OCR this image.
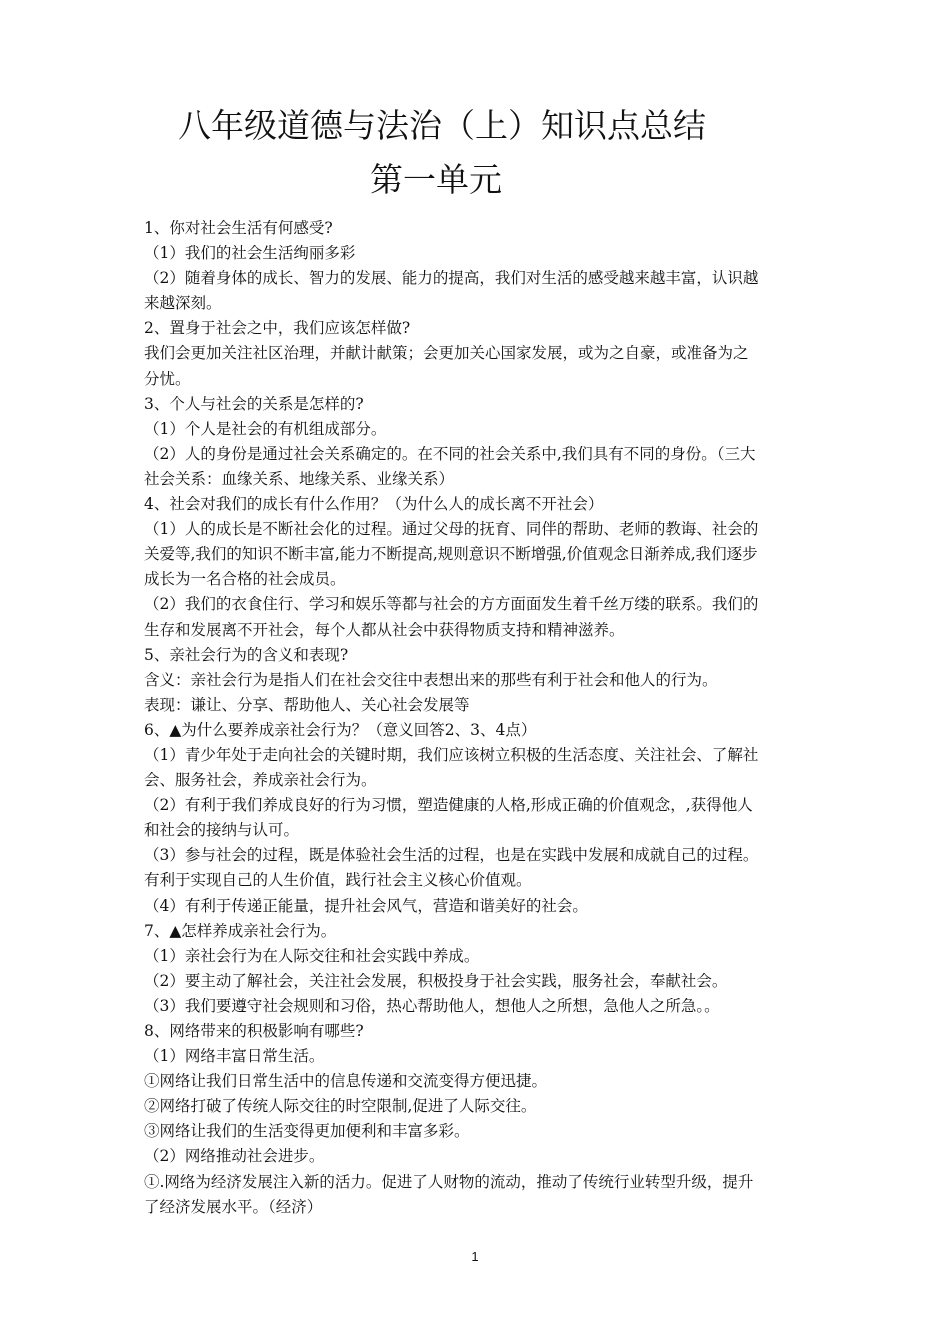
八年级道德与法治（上）知识点总结
第一单元
1、你对社会生活有何感受?
（1）我们的社会生活绚丽多彩
（2）随着身体的成长、智力的发展、能力的提高，我们对生活的感受越来越丰富，认识越
来越深刻。
2、置身于社会之中，我们应该怎样做?
我们会更加关注社区治理，并献计献策；会更加关心国家发展，或为之自豪，或准备为之
分忧。
3、个人与社会的关系是怎样的?
（1）个人是社会的有机组成部分。
（2）人的身份是通过社会关系确定的。在不同的社会关系中,我们具有不同的身份。（三大
社会关系：血缘关系、地缘关系、业缘关系）
4、社会对我们的成长有什么作用？（为什么人的成长离不开社会）
（1）人的成长是不断社会化的过程。通过父母的抚育、同伴的帮助、老师的教诲、社会的
关爱等,我们的知识不断丰富,能力不断提高,规则意识不断增强,价值观念日渐养成,我们逐步
成长为一名合格的社会成员。
（2）我们的衣食住行、学习和娱乐等都与社会的方方面面发生着千丝万缕的联系。我们的
生存和发展离不开社会，每个人都从社会中获得物质支持和精神滋养。
5、亲社会行为的含义和表现?
含义：亲社会行为是指人们在社会交往中表想出来的那些有利于社会和他人的行为。
表现：谦让、分享、帮助他人、关心社会发展等
6、▲为什么要养成亲社会行为？（意义回答2、3、4点）
（1）青少年处于走向社会的关键时期，我们应该树立积极的生活态度、关注社会、了解社
会、服务社会，养成亲社会行为。
（2）有利于我们养成良好的行为习惯，塑造健康的人格,形成正确的价值观念，,获得他人
和社会的接纳与认可。
（3）参与社会的过程，既是体验社会生活的过程，也是在实践中发展和成就自己的过程。
有利于实现自己的人生价值，践行社会主义核心价值观。
（4）有利于传递正能量，提升社会风气，营造和谐美好的社会。
7、▲怎样养成亲社会行为。
（1）亲社会行为在人际交往和社会实践中养成。
（2）要主动了解社会，关注社会发展，积极投身于社会实践，服务社会，奉献社会。
（3）我们要遵守社会规则和习俗，热心帮助他人，想他人之所想，急他人之所急。。
8、网络带来的积极影响有哪些?
（1）网络丰富日常生活。
①网络让我们日常生活中的信息传递和交流变得方便迅捷。
②网络打破了传统人际交往的时空限制,促进了人际交往。
③网络让我们的生活变得更加便利和丰富多彩。
（2）网络推动社会进步。
①.网络为经济发展注入新的活力。促进了人财物的流动，推动了传统行业转型升级，提升
了经济发展水平。（经济）
1
